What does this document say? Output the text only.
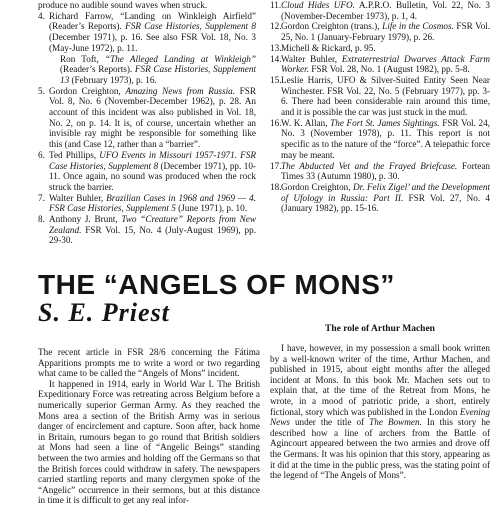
produce no audible sound waves when struck.
4. Richard Farrow, “Landing on Winkleigh Airfield” (Reader’s Reports). FSR Case Histories, Supplement 8 (December 1971), p. 16. See also FSR Vol. 18, No. 3 (May-June 1972), p. 11.
Ron Toft, “The Alleged Landing at Winkleigh” (Reader’s Reports). FSR Case Histories, Supplement 13 (February 1973), p. 16.
5. Gordon Creighton, Amazing News from Russia. FSR Vol. 8, No. 6 (November-December 1962), p. 28. An account of this incident was also published in Vol. 18, No. 2, on p. 14. It is, of course, uncertain whether an invisible ray might be responsible for something like this (and Case 12, rather than a “barrier”.
6. Ted Phillips, UFO Events in Missouri 1957-1971. FSR Case Histories, Supplement 8 (December 1971), pp. 10-11. Once again, no sound was produced when the rock struck the barrier.
7. Walter Buhler, Brazilian Cases in 1968 and 1969 — 4. FSR Case Histories, Supplement 5 (June 1971), p. 10.
8. Anthony J. Brunt, Two “Creature” Reports from New Zealand. FSR Vol. 15, No. 4 (July-August 1969), pp. 29-30.
11. Cloud Hides UFO. A.P.R.O. Bulletin, Vol. 22, No. 3 (November-December 1973), p. 1, 4.
12. Gordon Creighton (trans.), Life in the Cosmos. FSR Vol. 25, No. 1 (January-February 1979), p. 26.
13. Michell & Rickard, p. 95.
14. Walter Buhler, Extraterrestrial Dwarves Attack Farm Worker. FSR Vol. 28, No. 1 (August 1982), pp. 5-8.
15. Leslie Harris, UFO & Silver-Suited Entity Seen Near Winchester. FSR Vol. 22, No. 5 (February 1977), pp. 3-6. There had been considerable rain around this time, and it is possible the car was just stuck in the mud.
16. W. K. Allan, The Fort St. James Sightings. FSR Vol. 24, No. 3 (November 1978), p. 11. This report is not specific as to the nature of the “force”. A telepathic force may be meant.
17. The Abducted Vet and the Frayed Briefcase. Fortean Times 33 (Autumn 1980), p. 30.
18. Gordon Creighton, Dr. Felix Zigel’ and the Development of Ufology in Russia: Part II. FSR Vol. 27, No. 4 (January 1982), pp. 15-16.
THE “ANGELS OF MONS”
S. E. Priest

The recent article in FSR 28/6 concerning the Fátima Apparitions prompts me to write a word or two regarding what came to be called the “Angels of Mons” incident.

It happened in 1914, early in World War I. The British Expeditionary Force was retreating across Belgium before a numerically superior German Army. As they reached the Mons area a section of the British Army was in serious danger of encirclement and capture. Soon after, back home in Britain, rumours began to go round that British soldiers at Mons had seen a line of “Angelic Beings” standing between the two armies and holding off the Germans so that the British forces could withdraw in safety. The newspapers carried startling reports and many clergymen spoke of the “Angelic” occurrence in their sermons, but at this distance in time it is difficult to get any real infor-

The role of Arthur Machen

I have, however, in my possession a small book written by a well-known writer of the time, Arthur Machen, and published in 1915, about eight months after the alleged incident at Mons. In this book Mr. Machen sets out to explain that, at the time of the Retreat from Mons, he wrote, in a mood of patriotic pride, a short, entirely fictional, story which was published in the London Evening News under the title of The Bowmen. In this story he described how a line of archers from the Battle of Agincourt appeared between the two armies and drove off the Germans. It was his opinion that this story, appearing as it did at the time in the public press, was the stating point of the legend of “The Angels of Mons”.
